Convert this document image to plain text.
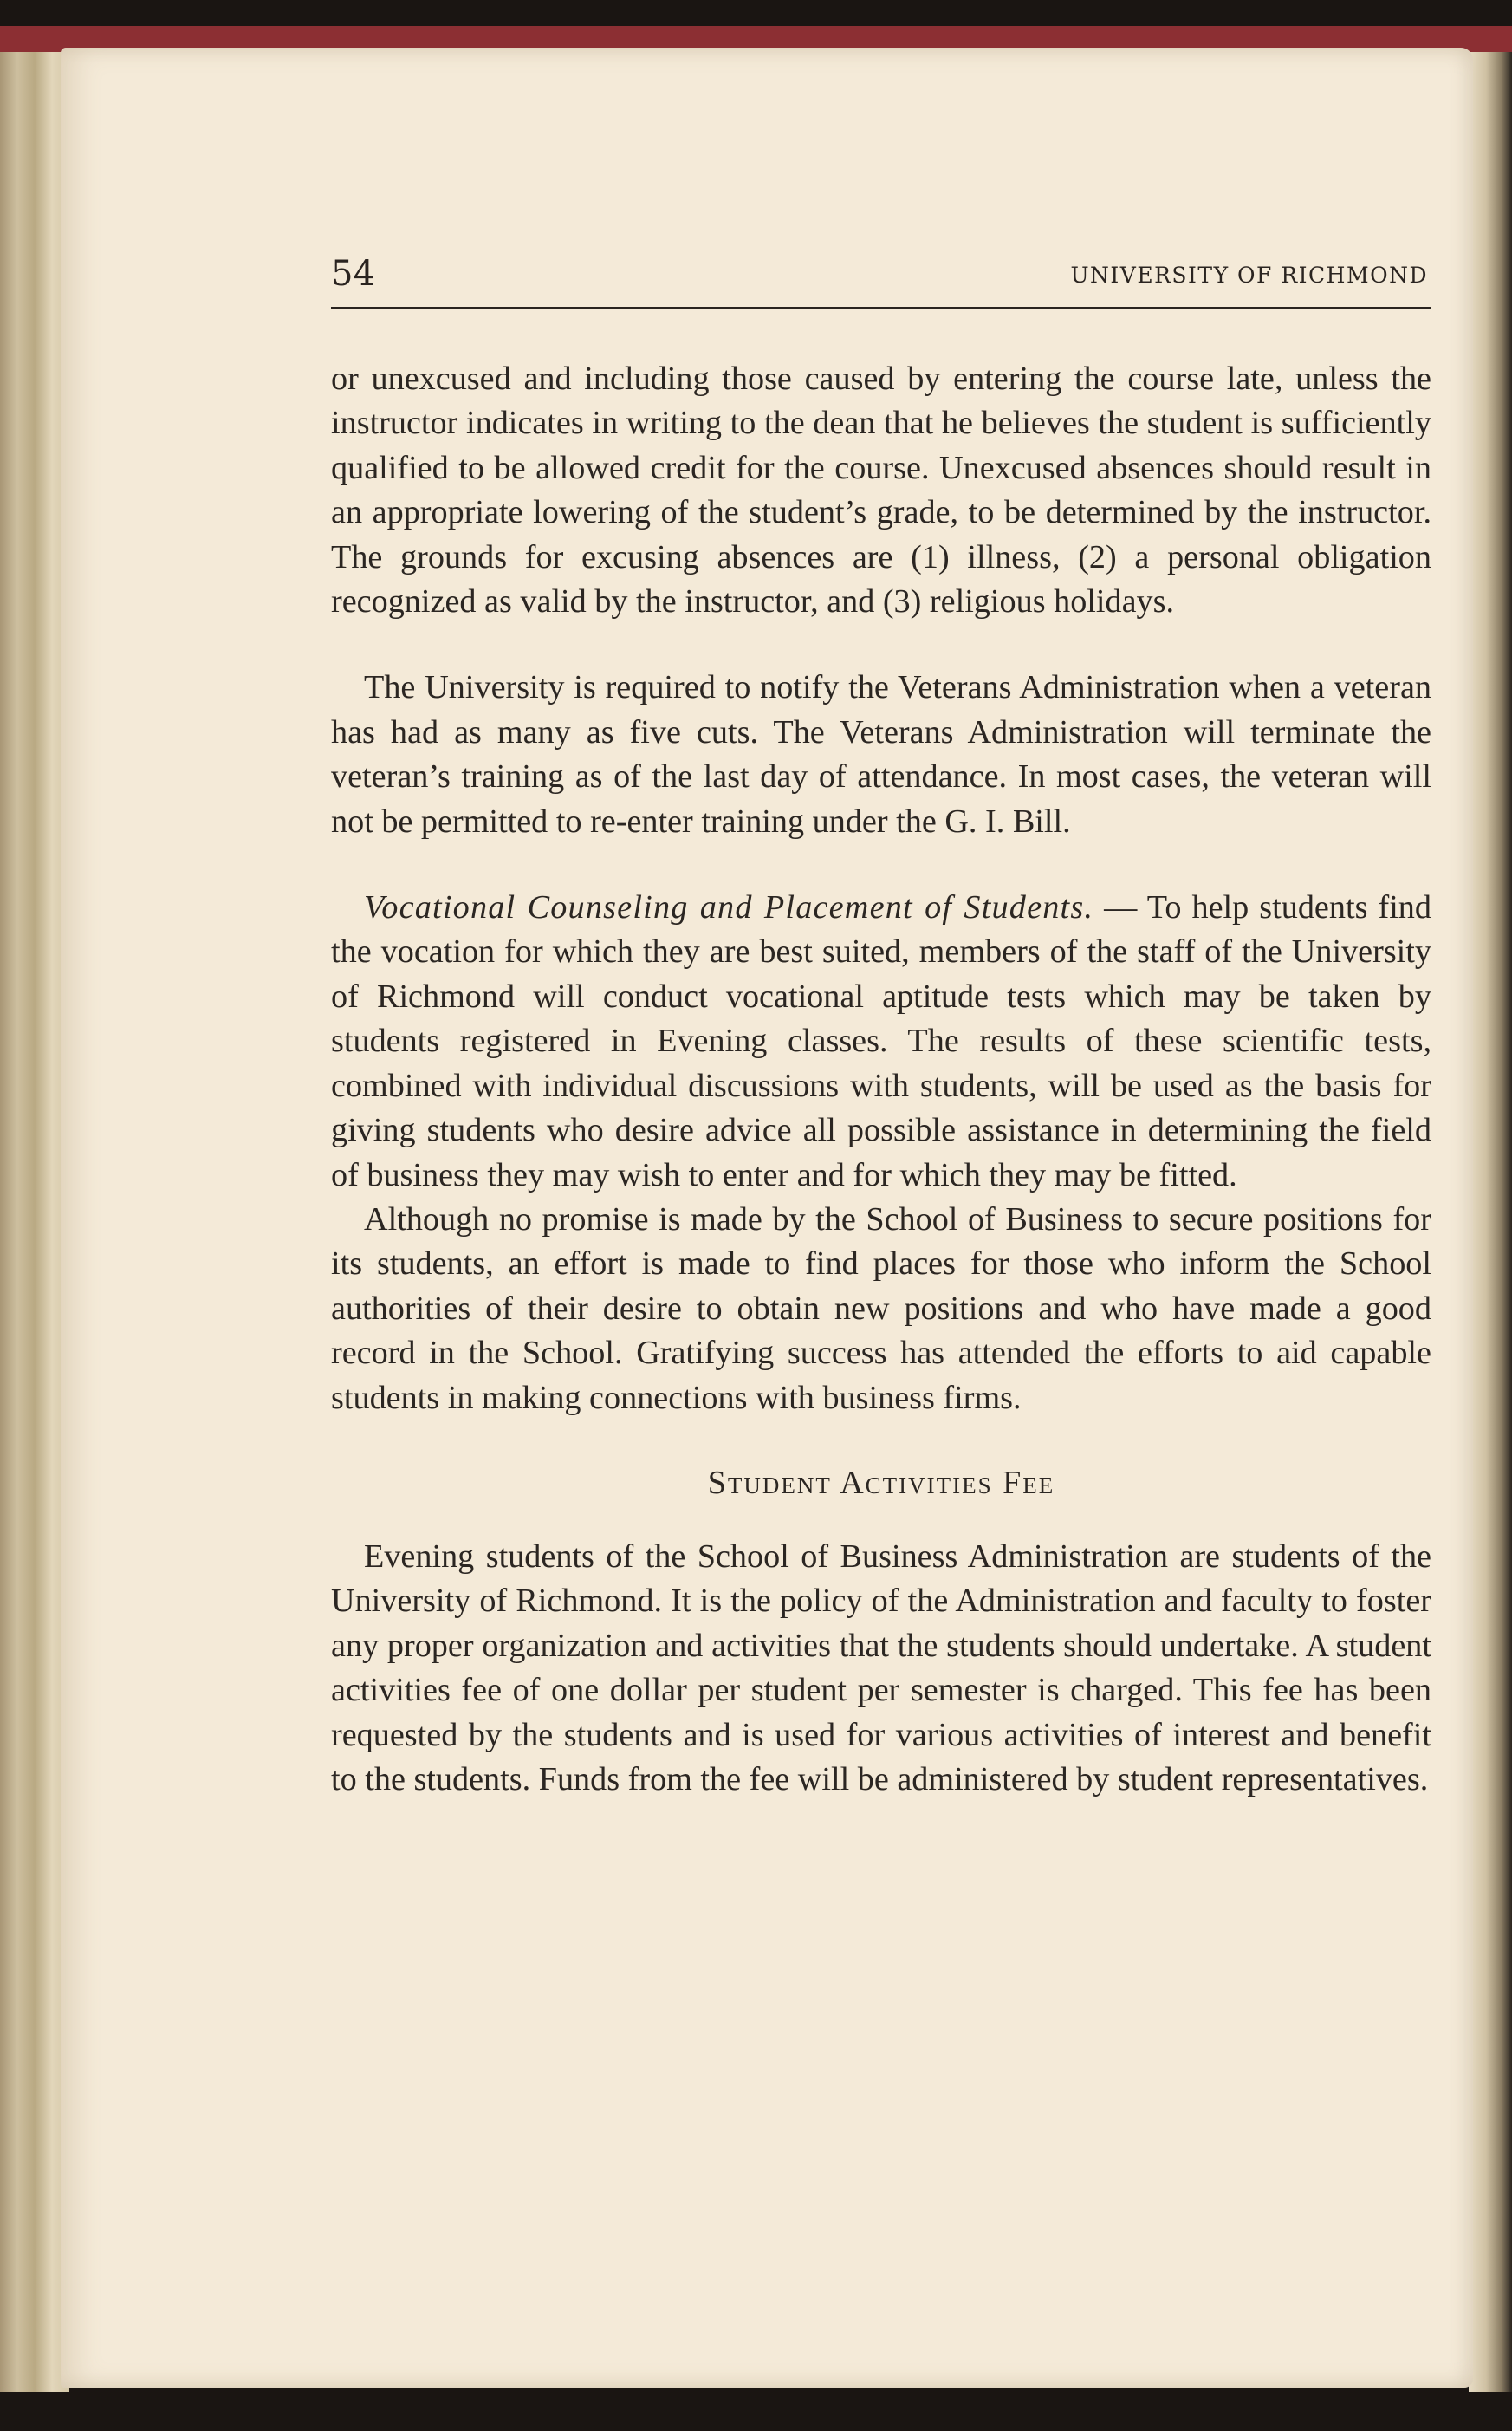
54	UNIVERSITY OF RICHMOND

or unexcused and including those caused by entering the course late, unless the instructor indicates in writing to the dean that he believes the student is sufficiently qualified to be allowed credit for the course. Unexcused absences should result in an appropriate lowering of the student’s grade, to be determined by the instructor. The grounds for excusing absences are (1) illness, (2) a personal obligation recognized as valid by the instructor, and (3) religious holidays.

The University is required to notify the Veterans Administration when a veteran has had as many as five cuts. The Veterans Administration will terminate the veteran’s training as of the last day of attendance. In most cases, the veteran will not be permitted to re-enter training under the G. I. Bill.

Vocational Counseling and Placement of Students. — To help students find the vocation for which they are best suited, members of the staff of the University of Richmond will conduct vocational aptitude tests which may be taken by students registered in Evening classes. The results of these scientific tests, combined with individual discussions with students, will be used as the basis for giving students who desire advice all possible assistance in determining the field of business they may wish to enter and for which they may be fitted.

Although no promise is made by the School of Business to secure positions for its students, an effort is made to find places for those who inform the School authorities of their desire to obtain new positions and who have made a good record in the School. Gratifying success has attended the efforts to aid capable students in making connections with business firms.

Student Activities Fee

Evening students of the School of Business Administration are students of the University of Richmond. It is the policy of the Administration and faculty to foster any proper organization and activities that the students should undertake. A student activities fee of one dollar per student per semester is charged. This fee has been requested by the students and is used for various activities of interest and benefit to the students. Funds from the fee will be administered by student representatives.
